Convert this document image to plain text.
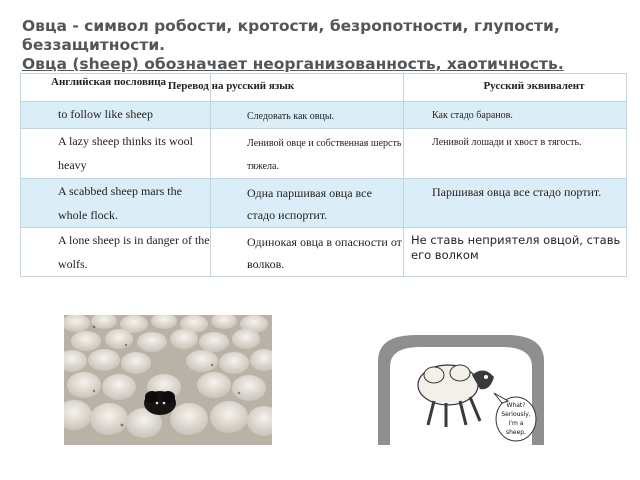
Овца - символ робости, кротости, безропотности, глупости, беззащитности.
Овца (sheep) обозначает неорганизованность, хаотичность.
Английская пословица	Перевод на русский язык	Русский эквивалент

to follow like sheep	Следовать как овцы.	Как стадо баранов.
A lazy sheep thinks its wool heavy	Ленивой овце и собственная шерсть тяжела.	Ленивой лошади и хвост в тягость.
A scabbed sheep mars the whole flock.	Одна паршивая овца все стадо испортит.	Паршивая овца все стадо портит.
A lone sheep is in danger of the wolfs.	Одинокая овца в опасности от волков.	Не ставь неприятеля овцой, ставь его волком
What?
Seriously,
I'm a
sheep.
